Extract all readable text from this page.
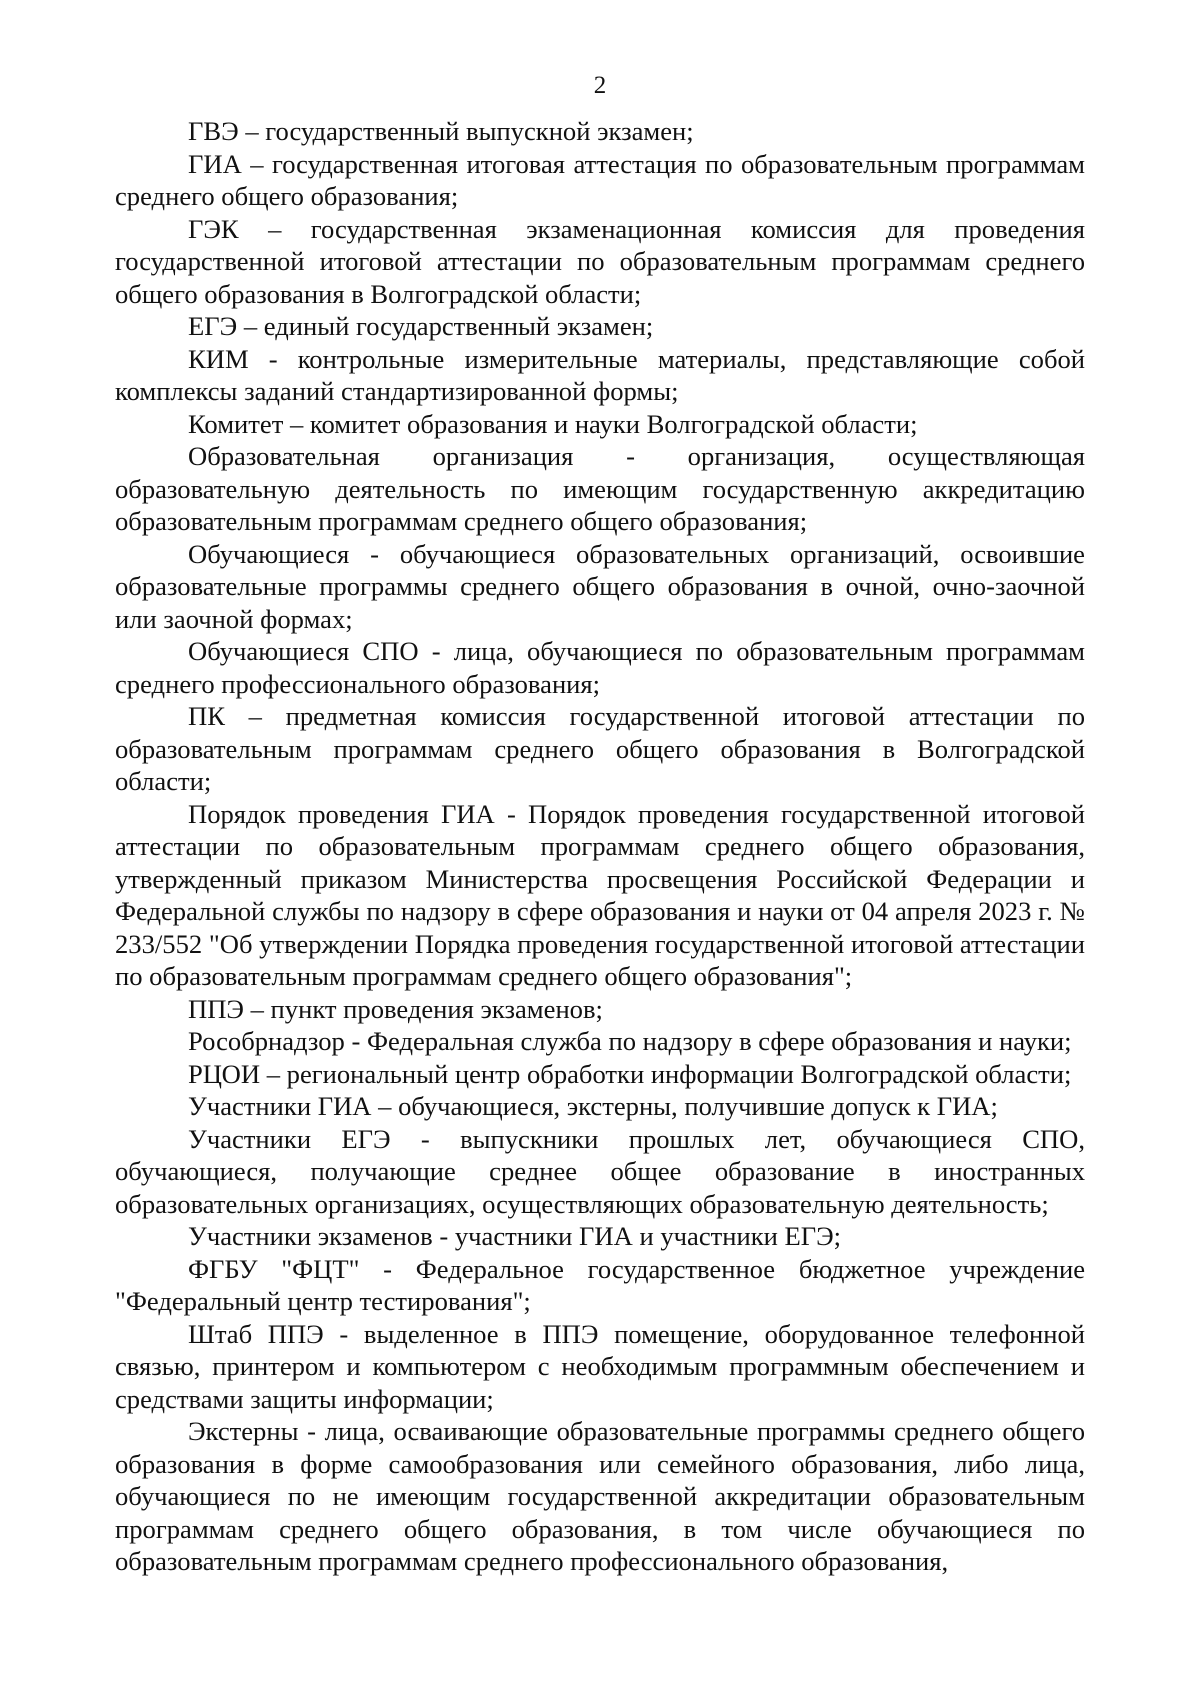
2

ГВЭ – государственный выпускной экзамен;

ГИА – государственная итоговая аттестация по образовательным программам среднего общего образования;

ГЭК – государственная экзаменационная комиссия для проведения государственной итоговой аттестации по образовательным программам среднего общего образования в Волгоградской области;

ЕГЭ – единый государственный экзамен;

КИМ - контрольные измерительные материалы, представляющие собой комплексы заданий стандартизированной формы;

Комитет – комитет образования и науки Волгоградской области;

Образовательная организация - организация, осуществляющая образовательную деятельность по имеющим государственную аккредитацию образовательным программам среднего общего образования;

Обучающиеся - обучающиеся образовательных организаций, освоившие образовательные программы среднего общего образования в очной, очно-заочной или заочной формах;

Обучающиеся СПО - лица, обучающиеся по образовательным программам среднего профессионального образования;

ПК – предметная комиссия государственной итоговой аттестации по образовательным программам среднего общего образования в Волгоградской области;

Порядок проведения ГИА - Порядок проведения государственной итоговой аттестации по образовательным программам среднего общего образования, утвержденный приказом Министерства просвещения Российской Федерации и Федеральной службы по надзору в сфере образования и науки от 04 апреля 2023 г. № 233/552 "Об утверждении Порядка проведения государственной итоговой аттестации по образовательным программам среднего общего образования";

ППЭ – пункт проведения экзаменов;

Рособрнадзор - Федеральная служба по надзору в сфере образования и науки;

РЦОИ – региональный центр обработки информации Волгоградской области;

Участники ГИА – обучающиеся, экстерны, получившие допуск к ГИА;

Участники ЕГЭ - выпускники прошлых лет, обучающиеся СПО, обучающиеся, получающие среднее общее образование в иностранных образовательных организациях, осуществляющих образовательную деятельность;

Участники экзаменов - участники ГИА и участники ЕГЭ;

ФГБУ "ФЦТ" - Федеральное государственное бюджетное учреждение "Федеральный центр тестирования";

Штаб ППЭ - выделенное в ППЭ помещение, оборудованное телефонной связью, принтером и компьютером с необходимым программным обеспечением и средствами защиты информации;

Экстерны - лица, осваивающие образовательные программы среднего общего образования в форме самообразования или семейного образования, либо лица, обучающиеся по не имеющим государственной аккредитации образовательным программам среднего общего образования, в том числе обучающиеся по образовательным программам среднего профессионального образования,
